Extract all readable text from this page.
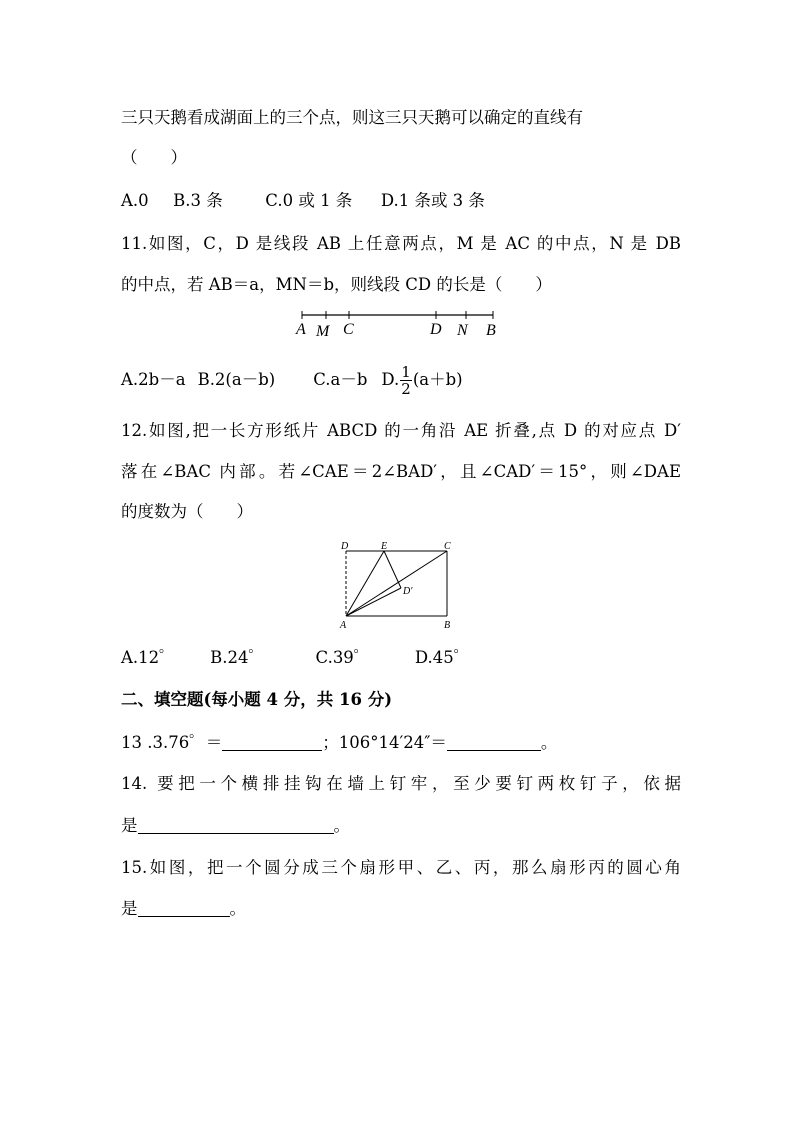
三只天鹅看成湖面上的三个点，则这三只天鹅可以确定的直线有
（　　）
A.0 B.3 条	C.0 或 1 条 D.1 条或 3 条
11.如图，C，D 是线段 AB 上任意两点，M 是 AC 的中点，N 是 DB
的中点，若 AB＝a，MN＝b，则线段 CD 的长是（　　）
A M C	D N B
A.2b－a B.2(a－b) C.a－b D. $\frac{1}{2} (a+b)$
12.如图,把一长方形纸片 ABCD 的一角沿 AE 折叠,点 D 的对应点 D′
落在∠BAC 内部。若∠CAE＝2∠BAD′，且∠CAD′＝15°，则∠DAE
的度数为（　　）
D	E	C
D′
A	B
A.12゜ B.24゜	C.39゜	D.45゜
二、填空题(每小题 4 分，共 16 分)
13 .3.76゜＝	；106°14′24″＝	。
14. 要把一个横排挂钩在墙上钉牢，至少要钉两枚钉子，依据
是	。
15.如图，把一个圆分成三个扇形甲、乙、丙，那么扇形丙的圆心角
是	。
